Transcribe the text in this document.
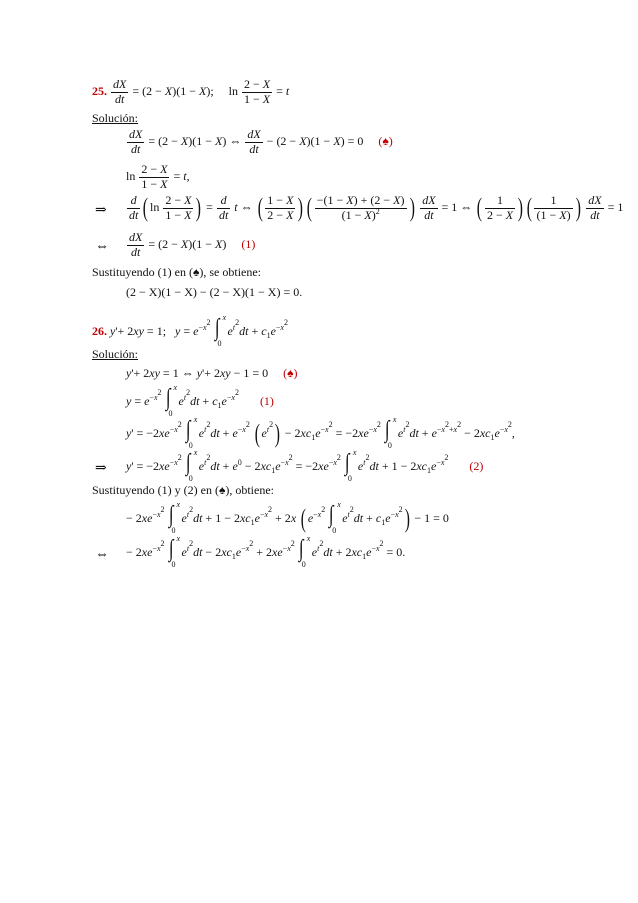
25. $\frac{dX}{dt} = (2 - X)(1 - X)$; $\ln \frac{2 - X}{1 - X} = t$
Solución:
$\frac{dX}{dt} = (2 - X)(1 - X)$ ⇔ $\frac{dX}{dt} - (2 - X)(1 - X) = 0$ (♠)
$\ln \frac{2 - X}{1 - X} = t$,
⇒ $\frac{d}{dt}$ ( $\ln \frac{2 - X}{1 - X}$ ) = $\frac{d}{dt}$ t ⇔ ( $\frac{1 - X}{2 - X}$ ) ( $\frac{-(1 - X) + (2 - X)}{(1 - X)^2}$ ) $\frac{dX}{dt} = 1$ ⇔ ( $\frac{1}{2 - X}$ ) ( $\frac{1}{(1 - X)}$ ) $\frac{dX}{dt} = 1$
⇔ $\frac{dX}{dt} = (2 - X)(1 - X)$ (1)
Sustituyendo (1) en (♠), se obtiene:
(2 − X)(1 − X) − (2 − X)(1 − X) = 0.
26. y'+ 2xy = 1; $y = e^{-x^2}$ ∫ x
0
$e^{t^2}dt + c_1e^{-x^2}$
Solución:
y'+ 2xy = 1 ⇔ y'+ 2xy − 1 = 0 (♠)
$y = e^{-x^2}$ ∫ x
0
$e^{t^2}dt + c_1e^{-x^2}$ (1)
$y' = -2xe^{-x^2}$ ∫ x
0
$e^{t^2}dt + e^{-x^2}$ ( $e^{t^2}) - 2xc_1e^{-x^2} = -2xe^{-x^2}$ ∫ x
0
$e^{t^2}dt + e^{-x^2+x^2} - 2xc_1e^{-x^2}$,
⇒ $y' = -2xe^{-x^2}$ ∫ x
0
$e^{t^2}dt + e^0 - 2xc_1e^{-x^2} = -2xe^{-x^2}$ ∫ x
0
$e^{t^2}dt + 1 - 2xc_1e^{-x^2}$ (2)
Sustituyendo (1) y (2) en (♠), obtiene:
− $2xe^{-x^2}$ ∫ x
0
$e^{t^2}dt + 1 - 2xc_1e^{-x^2} + 2x$ ( $e^{-x^2}$ ∫ x
0
$e^{t^2}dt + c_1e^{-x^2}) - 1 = 0$
⇔ − $2xe^{-x^2}$ ∫ x
0
$e^{t^2}dt - 2xc_1e^{-x^2} + 2xe^{-x^2}$ ∫ x
0
$e^{t^2}dt + 2xc_1e^{-x^2} = 0$.
